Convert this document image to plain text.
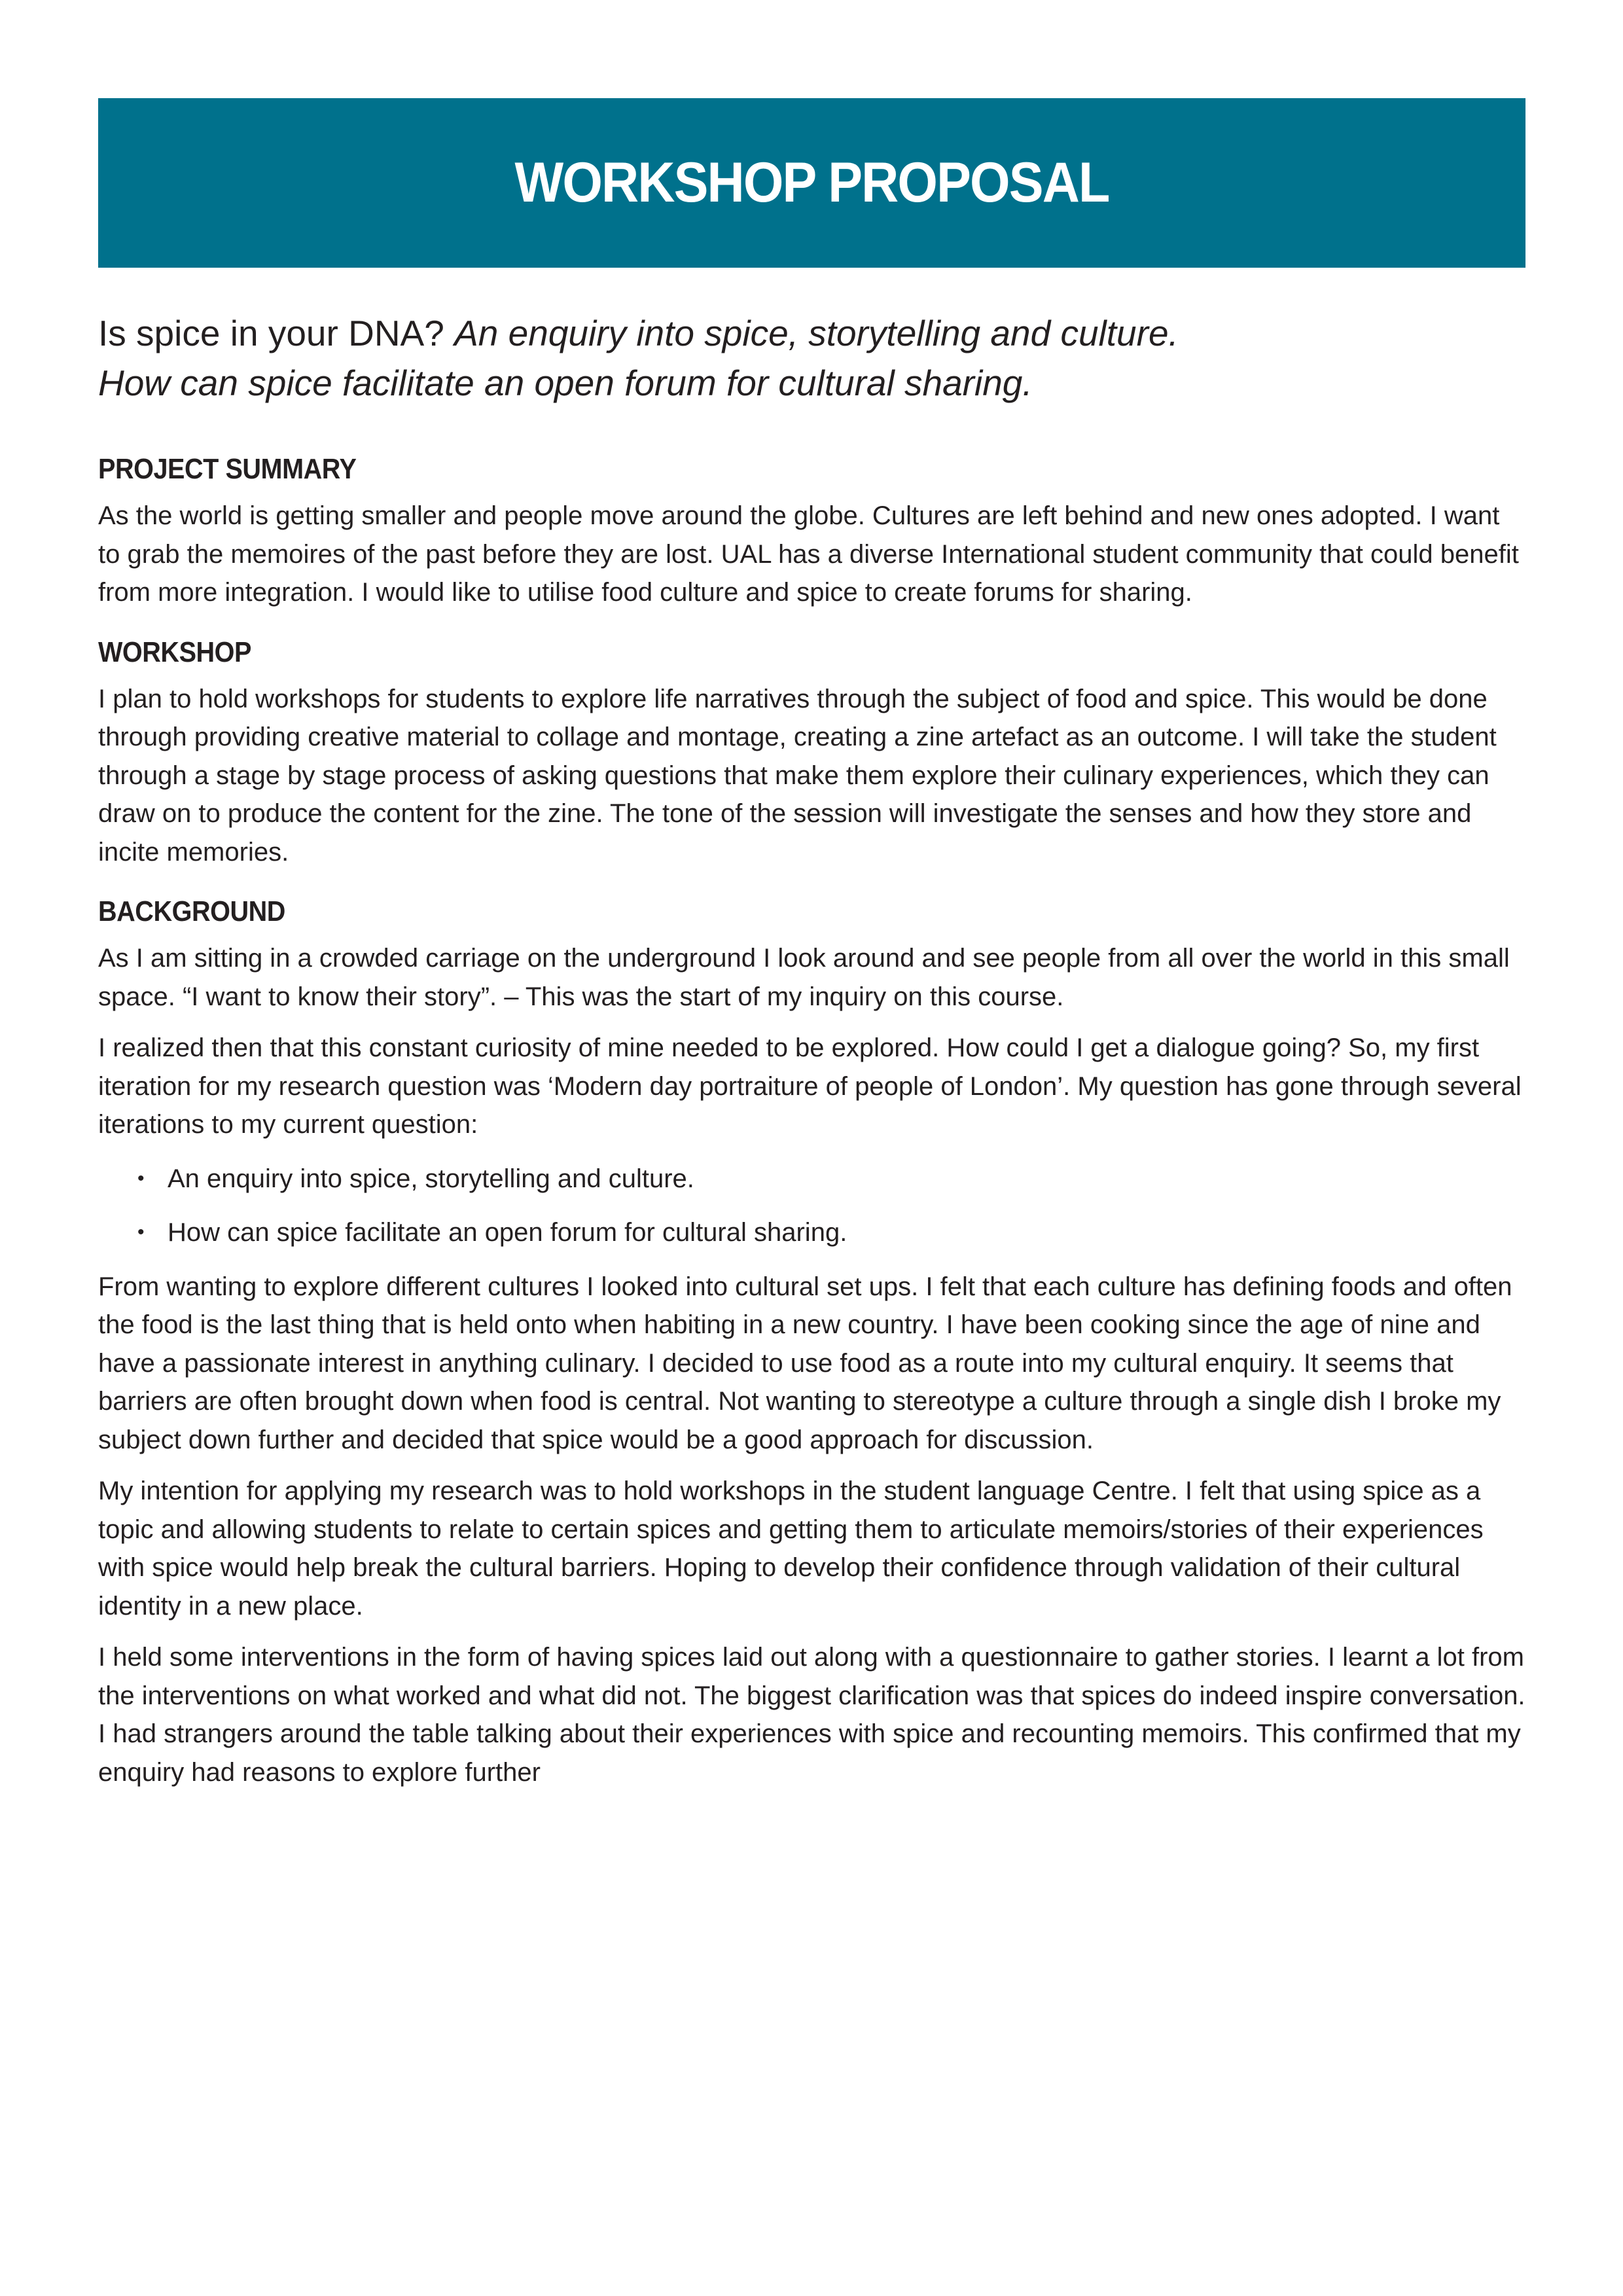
WORKSHOP PROPOSAL
Is spice in your DNA? An enquiry into spice, storytelling and culture.
How can spice facilitate an open forum for cultural sharing.
PROJECT SUMMARY

As the world is getting smaller and people move around the globe. Cultures are left behind and new ones adopted. I want to grab the memoires of the past before they are lost. UAL has a diverse International student community that could benefit from more integration. I would like to utilise food culture and spice to create forums for sharing.

WORKSHOP

I plan to hold workshops for students to explore life narratives through the subject of food and spice. This would be done through providing creative material to collage and montage, creating a zine artefact as an outcome. I will take the student through a stage by stage process of asking questions that make them explore their culinary experiences, which they can draw on to produce the content for the zine. The tone of the session will investigate the senses and how they store and incite memories.

BACKGROUND

As I am sitting in a crowded carriage on the underground I look around and see people from all over the world in this small space. “I want to know their story”. – This was the start of my inquiry on this course.

I realized then that this constant curiosity of mine needed to be explored. How could I get a dialogue going? So, my first iteration for my research question was ‘Modern day portraiture of people of London’. My question has gone through several iterations to my current question:

• An enquiry into spice, storytelling and culture.
• How can spice facilitate an open forum for cultural sharing.

From wanting to explore different cultures I looked into cultural set ups. I felt that each culture has defining foods and often the food is the last thing that is held onto when habiting in a new country. I have been cooking since the age of nine and have a passionate interest in anything culinary. I decided to use food as a route into my cultural enquiry. It seems that barriers are often brought down when food is central. Not wanting to stereotype a culture through a single dish I broke my subject down further and decided that spice would be a good approach for discussion.

My intention for applying my research was to hold workshops in the student language Centre. I felt that using spice as a topic and allowing students to relate to certain spices and getting them to articulate memoirs/stories of their experiences with spice would help break the cultural barriers. Hoping to develop their confidence through validation of their cultural identity in a new place.

I held some interventions in the form of having spices laid out along with a questionnaire to gather stories. I learnt a lot from the interventions on what worked and what did not. The biggest clarification was that spices do indeed inspire conversation. I had strangers around the table talking about their experiences with spice and recounting memoirs. This confirmed that my enquiry had reasons to explore further
